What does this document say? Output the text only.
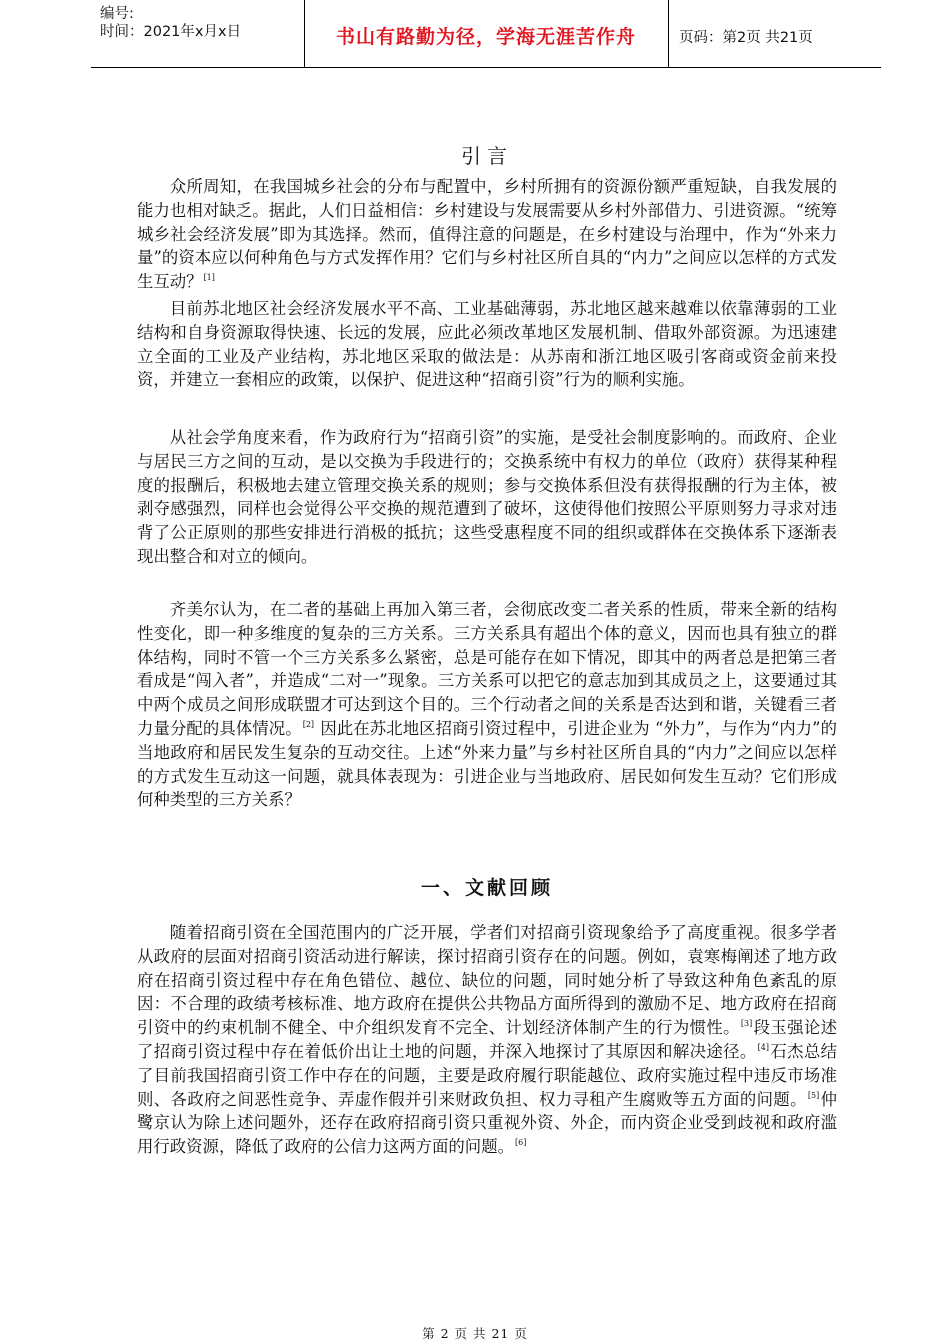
编号:
时间：2021年x月x日	书山有路勤为径，学海无涯苦作舟	页码：第2页 共21页
引言

众所周知，在我国城乡社会的分布与配置中，乡村所拥有的资源份额严重短缺，自我发展的能力也相对缺乏。据此，人们日益相信：乡村建设与发展需要从乡村外部借力、引进资源。“统筹城乡社会经济发展”即为其选择。然而，值得注意的问题是，在乡村建设与治理中，作为“外来力量”的资本应以何种角色与方式发挥作用？它们与乡村社区所自具的“内力”之间应以怎样的方式发生互动？[1]

目前苏北地区社会经济发展水平不高、工业基础薄弱，苏北地区越来越难以依靠薄弱的工业结构和自身资源取得快速、长远的发展，应此必须改革地区发展机制、借取外部资源。为迅速建立全面的工业及产业结构，苏北地区采取的做法是：从苏南和浙江地区吸引客商或资金前来投资，并建立一套相应的政策，以保护、促进这种“招商引资”行为的顺利实施。

从社会学角度来看，作为政府行为“招商引资”的实施，是受社会制度影响的。而政府、企业与居民三方之间的互动，是以交换为手段进行的；交换系统中有权力的单位（政府）获得某种程度的报酬后，积极地去建立管理交换关系的规则；参与交换体系但没有获得报酬的行为主体，被剥夺感强烈，同样也会觉得公平交换的规范遭到了破坏，这使得他们按照公平原则努力寻求对违背了公正原则的那些安排进行消极的抵抗；这些受惠程度不同的组织或群体在交换体系下逐渐表现出整合和对立的倾向。

齐美尔认为，在二者的基础上再加入第三者，会彻底改变二者关系的性质，带来全新的结构性变化，即一种多维度的复杂的三方关系。三方关系具有超出个体的意义，因而也具有独立的群体结构，同时不管一个三方关系多么紧密，总是可能存在如下情况，即其中的两者总是把第三者看成是“闯入者”，并造成“二对一”现象。三方关系可以把它的意志加到其成员之上，这要通过其中两个成员之间形成联盟才可达到这个目的。三个行动者之间的关系是否达到和谐，关键看三者力量分配的具体情况。[2] 因此在苏北地区招商引资过程中，引进企业为 “外力”，与作为“内力”的当地政府和居民发生复杂的互动交往。上述“外来力量”与乡村社区所自具的“内力”之间应以怎样的方式发生互动这一问题，就具体表现为：引进企业与当地政府、居民如何发生互动？它们形成何种类型的三方关系？

一、文献回顾

随着招商引资在全国范围内的广泛开展，学者们对招商引资现象给予了高度重视。很多学者从政府的层面对招商引资活动进行解读，探讨招商引资存在的问题。例如，袁寒梅阐述了地方政府在招商引资过程中存在角色错位、越位、缺位的问题，同时她分析了导致这种角色紊乱的原因：不合理的政绩考核标准、地方政府在提供公共物品方面所得到的激励不足、地方政府在招商引资中的约束机制不健全、中介组织发育不完全、计划经济体制产生的行为惯性。[3]段玉强论述了招商引资过程中存在着低价出让土地的问题，并深入地探讨了其原因和解决途径。[4]石杰总结了目前我国招商引资工作中存在的问题，主要是政府履行职能越位、政府实施过程中违反市场准则、各政府之间恶性竞争、弄虚作假并引来财政负担、权力寻租产生腐败等五方面的问题。[5]仲鹭京认为除上述问题外，还存在政府招商引资只重视外资、外企，而内资企业受到歧视和政府滥用行政资源，降低了政府的公信力这两方面的问题。[6]

第 2 页 共 21 页
